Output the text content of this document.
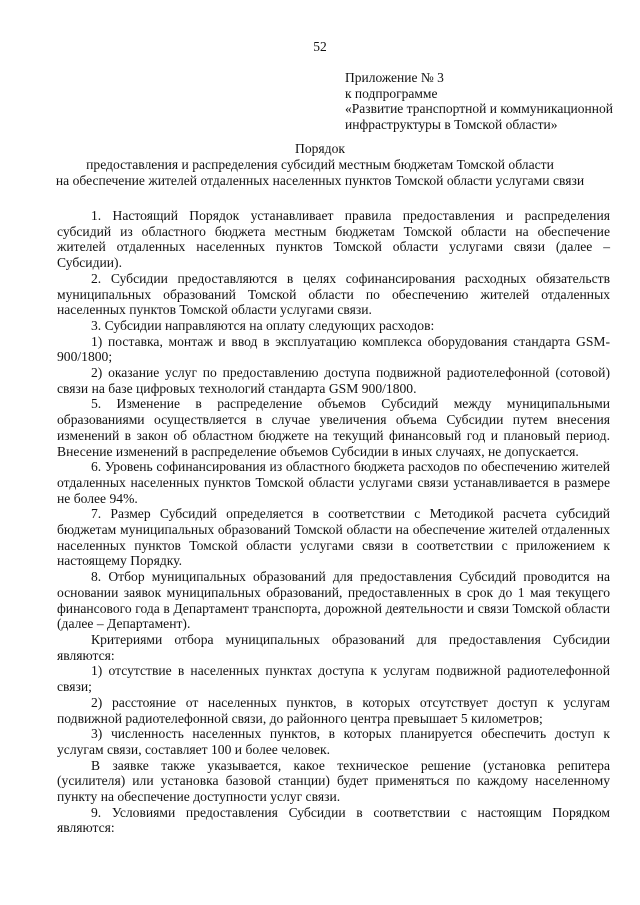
52
Приложение № 3
к подпрограмме
«Развитие транспортной и коммуникационной
инфраструктуры в Томской области»
Порядок
предоставления и распределения субсидий местным бюджетам Томской области
на обеспечение жителей отдаленных населенных пунктов Томской области услугами связи

1. Настоящий Порядок устанавливает правила предоставления и распределения субсидий из областного бюджета местным бюджетам Томской области на обеспечение жителей отдаленных населенных пунктов Томской области услугами связи (далее – Субсидии).

2. Субсидии предоставляются в целях софинансирования расходных обязательств муниципальных образований Томской области по обеспечению жителей отдаленных населенных пунктов Томской области услугами связи.

3. Субсидии направляются на оплату следующих расходов:

1) поставка, монтаж и ввод в эксплуатацию комплекса оборудования стандарта GSM-900/1800;

2) оказание услуг по предоставлению доступа подвижной радиотелефонной (сотовой) связи на базе цифровых технологий стандарта GSM 900/1800.

5. Изменение в распределение объемов Субсидий между муниципальными образованиями осуществляется в случае увеличения объема Субсидии путем внесения изменений в закон об областном бюджете на текущий финансовый год и плановый период. Внесение изменений в распределение объемов Субсидии в иных случаях, не допускается.

6. Уровень софинансирования из областного бюджета расходов по обеспечению жителей отдаленных населенных пунктов Томской области услугами связи устанавливается в размере не более 94%.

7. Размер Субсидий определяется в соответствии с Методикой расчета субсидий бюджетам муниципальных образований Томской области на обеспечение жителей отдаленных населенных пунктов Томской области услугами связи в соответствии с приложением к настоящему Порядку.

8. Отбор муниципальных образований для предоставления Субсидий проводится на основании заявок муниципальных образований, предоставленных в срок до 1 мая текущего финансового года в Департамент транспорта, дорожной деятельности и связи Томской области (далее – Департамент).

Критериями отбора муниципальных образований для предоставления Субсидии являются:

1) отсутствие в населенных пунктах доступа к услугам подвижной радиотелефонной связи;

2) расстояние от населенных пунктов, в которых отсутствует доступ к услугам подвижной радиотелефонной связи, до районного центра превышает 5 километров;

3) численность населенных пунктов, в которых планируется обеспечить доступ к услугам связи, составляет 100 и более человек.

В заявке также указывается, какое техническое решение (установка репитера (усилителя) или установка базовой станции) будет применяться по каждому населенному пункту на обеспечение доступности услуг связи.

9. Условиями предоставления Субсидии в соответствии с настоящим Порядком являются:
